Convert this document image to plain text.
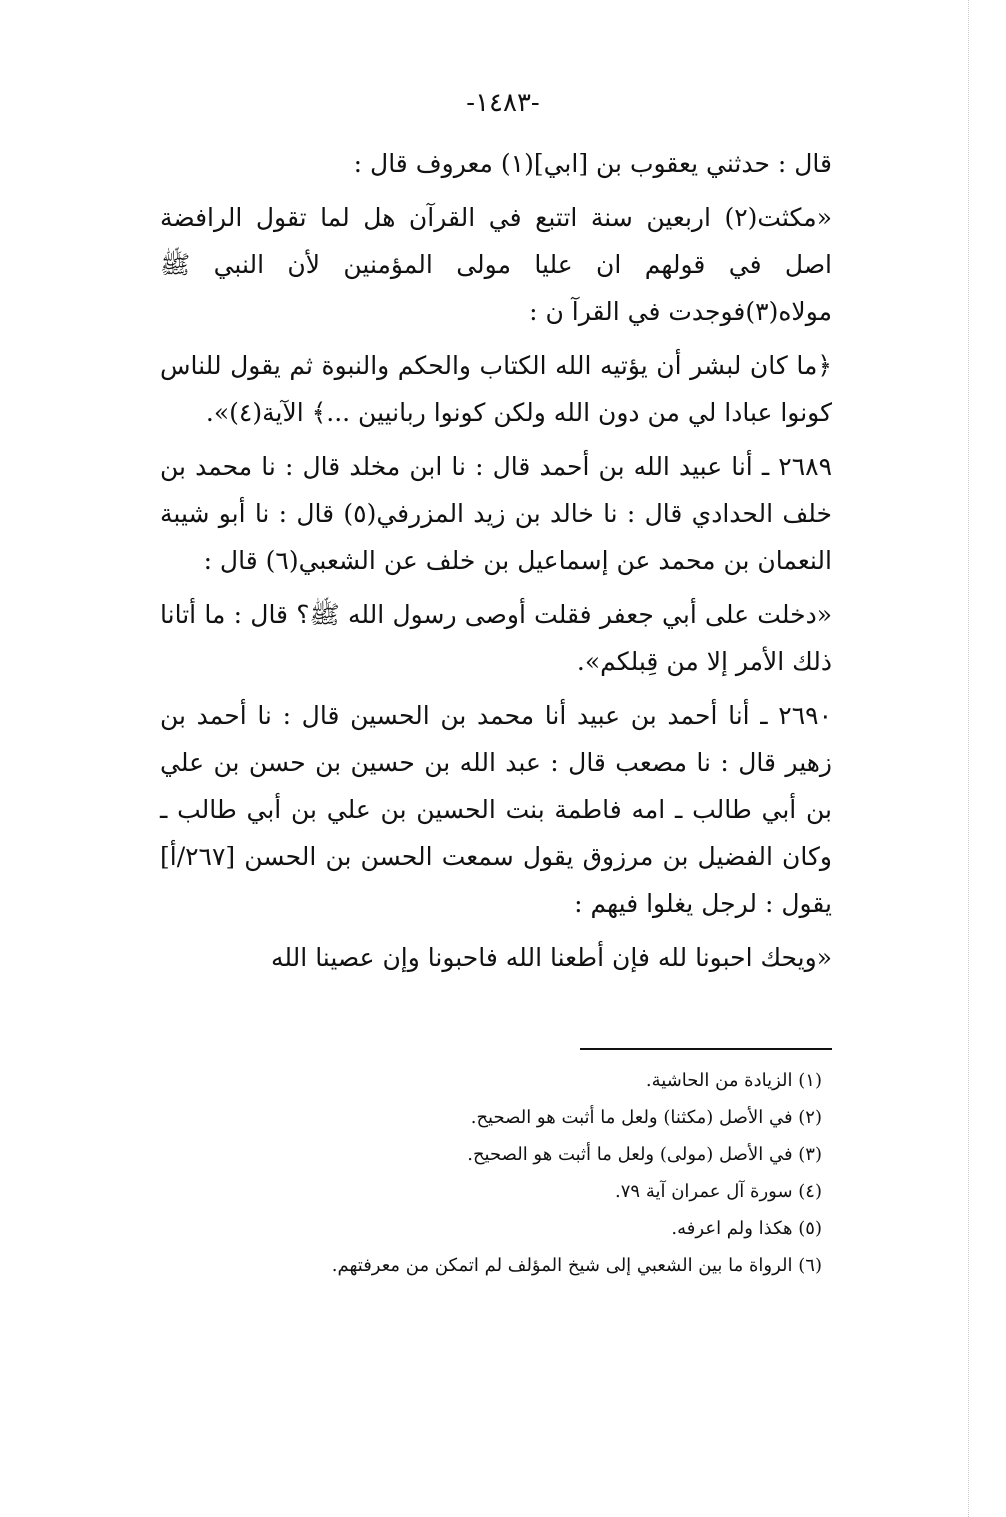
-١٤٨٣-

قال : حدثني يعقوب بن [ابي](١) معروف قال :

«مكثت(٢) اربعين سنة اتتبع في القرآن هل لما تقول الرافضة اصل في قولهم ان عليا مولى المؤمنين لأن النبي ﷺ مولاه(٣)فوجدت في القرآ ن :

﴿ما كان لبشر أن يؤتيه الله الكتاب والحكم والنبوة ثم يقول للناس كونوا عبادا لي من دون الله ولكن كونوا ربانيين ...﴾ الآية(٤)».

٢٦٨٩ ـ أنا عبيد الله بن أحمد قال : نا ابن مخلد قال : نا محمد بن خلف الحدادي قال : نا خالد بن زيد المزرفي(٥) قال : نا أبو شيبة النعمان بن محمد عن إسماعيل بن خلف عن الشعبي(٦) قال :

«دخلت على أبي جعفر فقلت أوصى رسول الله ﷺ؟ قال : ما أتانا ذلك الأمر إلا من قِبلكم».

٢٦٩٠ ـ أنا أحمد بن عبيد أنا محمد بن الحسين قال : نا أحمد بن زهير قال : نا مصعب قال : عبد الله بن حسين بن حسن بن علي بن أبي طالب ـ امه فاطمة بنت الحسين بن علي بن أبي طالب ـ وكان الفضيل بن مرزوق يقول سمعت الحسن بن الحسن [٢٦٧/أ] يقول : لرجل يغلوا فيهم :

«ويحك احبونا لله فإن أطعنا الله فاحبونا وإن عصينا الله

(١) الزيادة من الحاشية.
(٢) في الأصل (مكثنا) ولعل ما أثبت هو الصحيح.
(٣) في الأصل (مولى) ولعل ما أثبت هو الصحيح.
(٤) سورة آل عمران آية ٧٩.
(٥) هكذا ولم اعرفه.
(٦) الرواة ما بين الشعبي إلى شيخ المؤلف لم اتمكن من معرفتهم.
